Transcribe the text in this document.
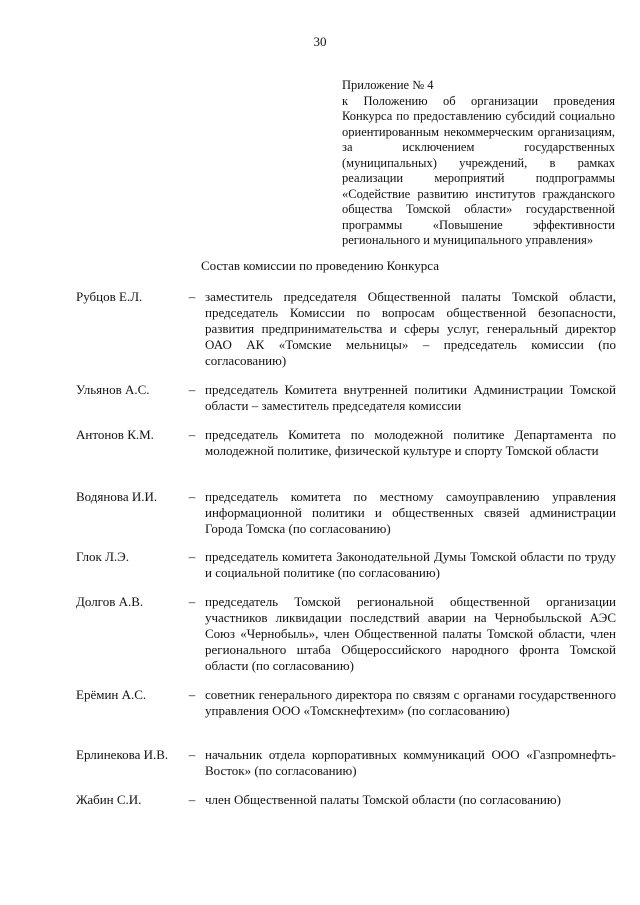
30
Приложение № 4
к Положению об организации проведения Конкурса по предоставлению субсидий социально ориентированным некоммерческим организациям, за исключением государственных (муниципальных) учреждений, в рамках реализации мероприятий подпрограммы «Содействие развитию институтов гражданского общества Томской области» государственной программы «Повышение эффективности регионального и муниципального управления»
Состав комиссии по проведению Конкурса
Рубцов Е.Л.	– заместитель председателя Общественной палаты Томской области, председатель Комиссии по вопросам общественной безопасности, развития предпринимательства и сферы услуг, генеральный директор ОАО АК «Томские мельницы» – председатель комиссии (по согласованию)
Ульянов А.С.	– председатель Комитета внутренней политики Администрации Томской области – заместитель председателя комиссии
Антонов К.М.	– председатель Комитета по молодежной политике Департамента по молодежной политике, физической культуре и спорту Томской области
Водянова И.И.	– председатель комитета по местному самоуправлению управления информационной политики и общественных связей администрации Города Томска (по согласованию)
Глок Л.Э.	– председатель комитета Законодательной Думы Томской области по труду и социальной политике (по согласованию)
Долгов А.В.	– председатель Томской региональной общественной организации участников ликвидации последствий аварии на Чернобыльской АЭС Союз «Чернобыль», член Общественной палаты Томской области, член регионального штаба Общероссийского народного фронта Томской области (по согласованию)
Ерёмин А.С.	– советник генерального директора по связям с органами государственного управления ООО «Томскнефтехим» (по согласованию)
Ерлинекова И.В.	– начальник отдела корпоративных коммуникаций ООО «Газпромнефть-Восток» (по согласованию)
Жабин С.И.	– член Общественной палаты Томской области (по согласованию)
